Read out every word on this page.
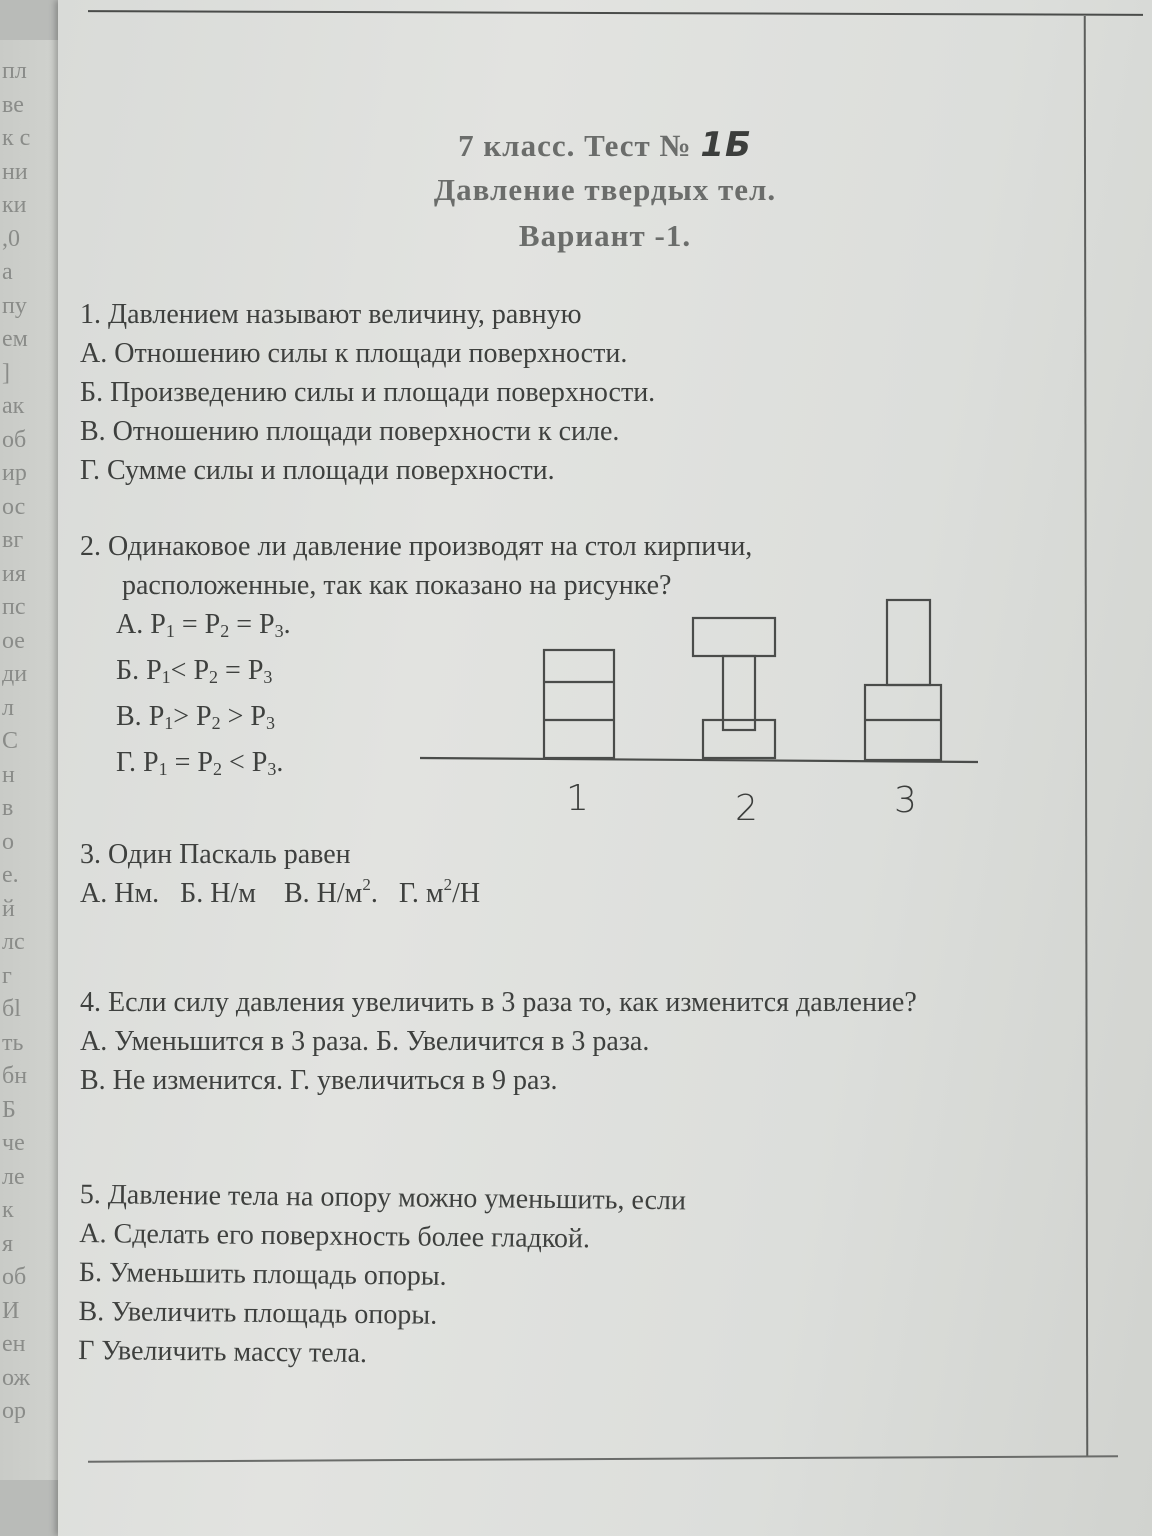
пл
ве
к с
ни
ки
,0
а
пу
ем
]
ак
об
ир
ос
вг
ия
пс
ое
ди
л
С
н
в
о
е.
й
лс
г
бl
ть
бн
Б
че
ле
к
я
об
И
ен
ож
ор
7 класс. Тест № 1Б
Давление твердых тел.
Вариант -1.
1. Давлением называют величину, равную
А. Отношению силы к площади поверхности.
Б. Произведению силы и площади поверхности.
В. Отношению площади поверхности к силе.
Г. Сумме силы и площади поверхности.
2. Одинаковое ли давление производят на стол кирпичи,
расположенные, так как показано на рисунке?
А. $P_1 = P_2 = P_3$.
Б. $P_1< P_2 = P_3$
В. $P_1> P_2 > P_3$
Г. $P_1 = P_2 < P_3$.
1	2	3
3. Один Паскаль равен
А. Нм. Б. Н/м В. $Н/м^2$. Г. $м^2/Н$
4. Если силу давления увеличить в 3 раза то, как изменится давление?
А. Уменьшится в 3 раза. Б. Увеличится в 3 раза.
В. Не изменится. Г. увеличиться в 9 раз.
5. Давление тела на опору можно уменьшить, если
А. Сделать его поверхность более гладкой.
Б. Уменьшить площадь опоры.
В. Увеличить площадь опоры.
Г Увеличить массу тела.
